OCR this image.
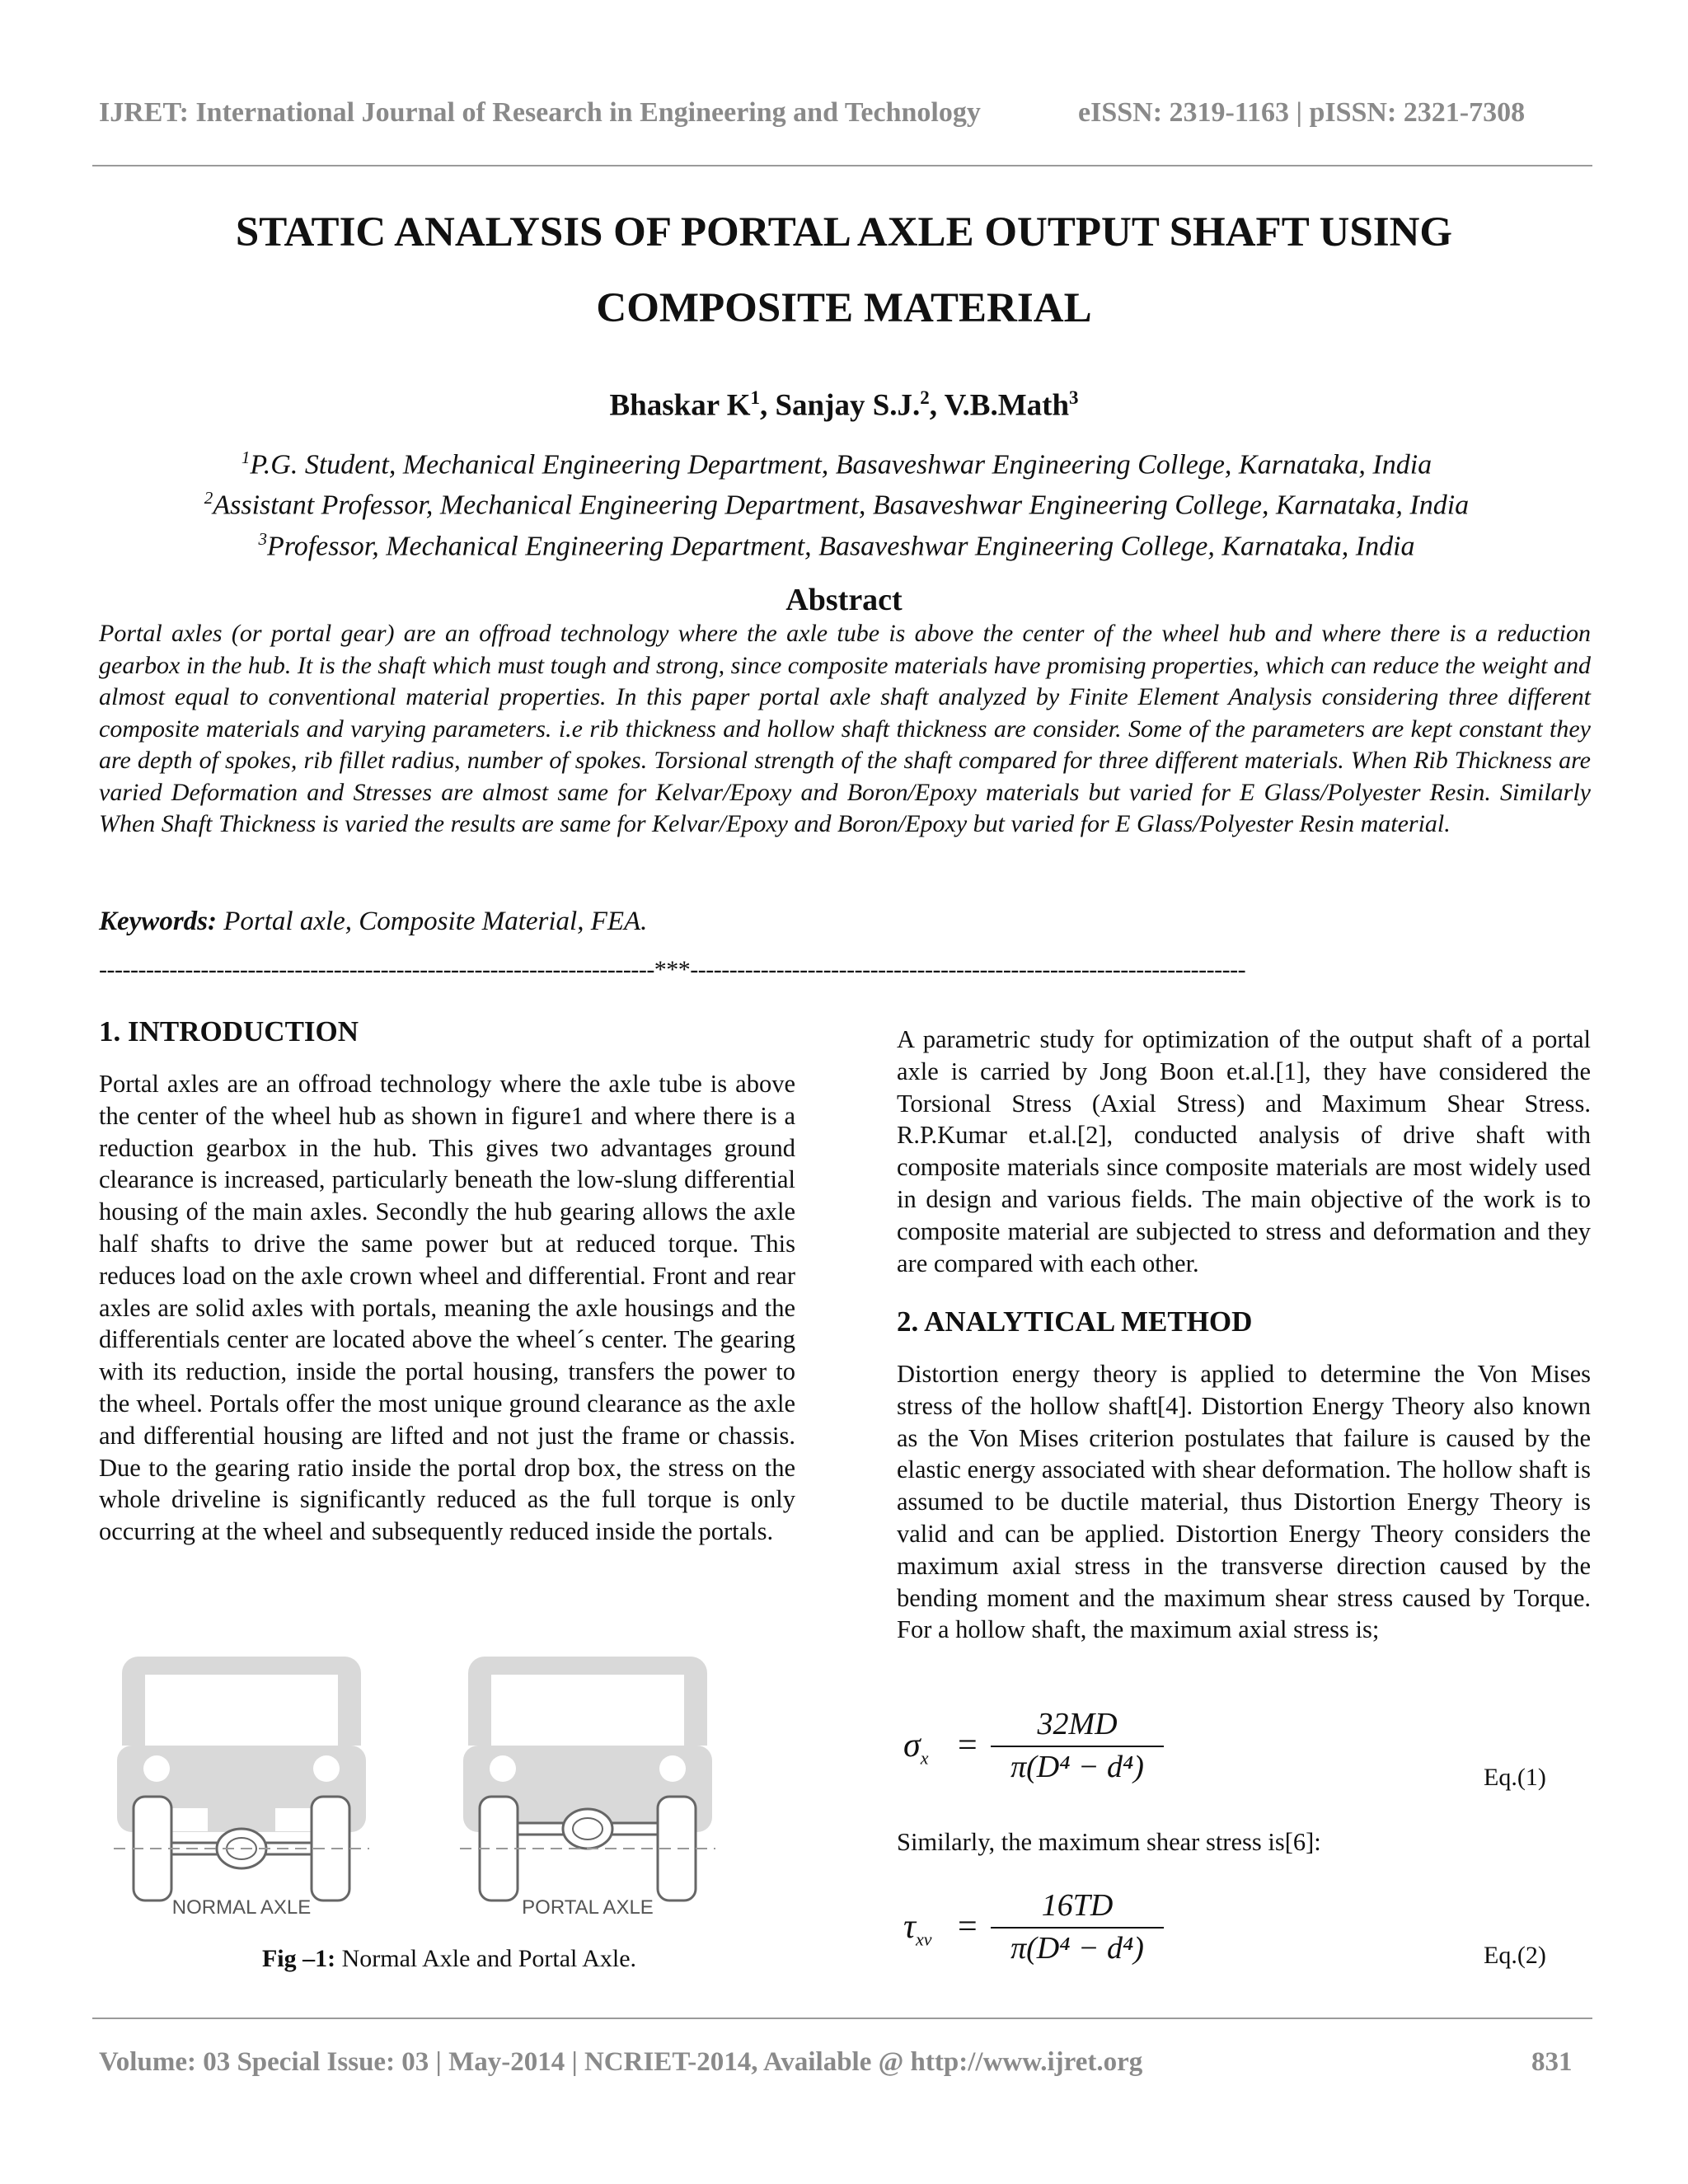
IJRET: International Journal of Research in Engineering and Technology	eISSN: 2319-1163 | pISSN: 2321-7308
STATIC ANALYSIS OF PORTAL AXLE OUTPUT SHAFT USING
COMPOSITE MATERIAL
Bhaskar $K^1$, Sanjay S.J.$^2$, V.B.Math$^3$
$^1$P.G. Student, Mechanical Engineering Department, Basaveshwar Engineering College, Karnataka, India
$^2$Assistant Professor, Mechanical Engineering Department, Basaveshwar Engineering College, Karnataka, India
$^3$Professor, Mechanical Engineering Department, Basaveshwar Engineering College, Karnataka, India
Abstract
Portal axles (or portal gear) are an offroad technology where the axle tube is above the center of the wheel hub and where there is a reduction gearbox in the hub. It is the shaft which must tough and strong, since composite materials have promising properties, which can reduce the weight and almost equal to conventional material properties. In this paper portal axle shaft analyzed by Finite Element Analysis considering three different composite materials and varying parameters. i.e rib thickness and hollow shaft thickness are consider. Some of the parameters are kept constant they are depth of spokes, rib fillet radius, number of spokes. Torsional strength of the shaft compared for three different materials. When Rib Thickness are varied Deformation and Stresses are almost same for Kelvar/Epoxy and Boron/Epoxy materials but varied for E Glass/Polyester Resin. Similarly When Shaft Thickness is varied the results are same for Kelvar/Epoxy and Boron/Epoxy but varied for E Glass/Polyester Resin material.
Keywords: Portal axle, Composite Material, FEA.
-----------------------------------------------------------------------***-----------------------------------------------------------------------
1. INTRODUCTION
Portal axles are an offroad technology where the axle tube is above the center of the wheel hub as shown in figure1 and where there is a reduction gearbox in the hub. This gives two advantages ground clearance is increased, particularly beneath the low-slung differential housing of the main axles. Secondly the hub gearing allows the axle half shafts to drive the same power but at reduced torque. This reduces load on the axle crown wheel and differential. Front and rear axles are solid axles with portals, meaning the axle housings and the differentials center are located above the wheel´s center. The gearing with its reduction, inside the portal housing, transfers the power to the wheel. Portals offer the most unique ground clearance as the axle and differential housing are lifted and not just the frame or chassis. Due to the gearing ratio inside the portal drop box, the stress on the whole driveline is significantly reduced as the full torque is only occurring at the wheel and subsequently reduced inside the portals.
NORMAL AXLE	PORTAL AXLE
Fig –1: Normal Axle and Portal Axle.
A parametric study for optimization of the output shaft of a portal axle is carried by Jong Boon et.al.[1], they have considered the Torsional Stress (Axial Stress) and Maximum Shear Stress. R.P.Kumar et.al.[2], conducted analysis of drive shaft with composite materials since composite materials are most widely used in design and various fields. The main objective of the work is to composite material are subjected to stress and deformation and they are compared with each other.
2. ANALYTICAL METHOD
Distortion energy theory is applied to determine the Von Mises stress of the hollow shaft[4]. Distortion Energy Theory also known as the Von Mises criterion postulates that failure is caused by the elastic energy associated with shear deformation. The hollow shaft is assumed to be ductile material, thus Distortion Energy Theory is valid and can be applied. Distortion Energy Theory considers the maximum axial stress in the transverse direction caused by the bending moment and the maximum shear stress caused by Torque. For a hollow shaft, the maximum axial stress is;
$\sigma_x$ =
32MD
π(D⁴ − d⁴)	Eq.(1)
Similarly, the maximum shear stress is[6]:
$\tau_{xv}$ =
16TD
π(D⁴ − d⁴)	Eq.(2)
Volume: 03 Special Issue: 03 | May-2014 | NCRIET-2014, Available @ http://www.ijret.org	831
